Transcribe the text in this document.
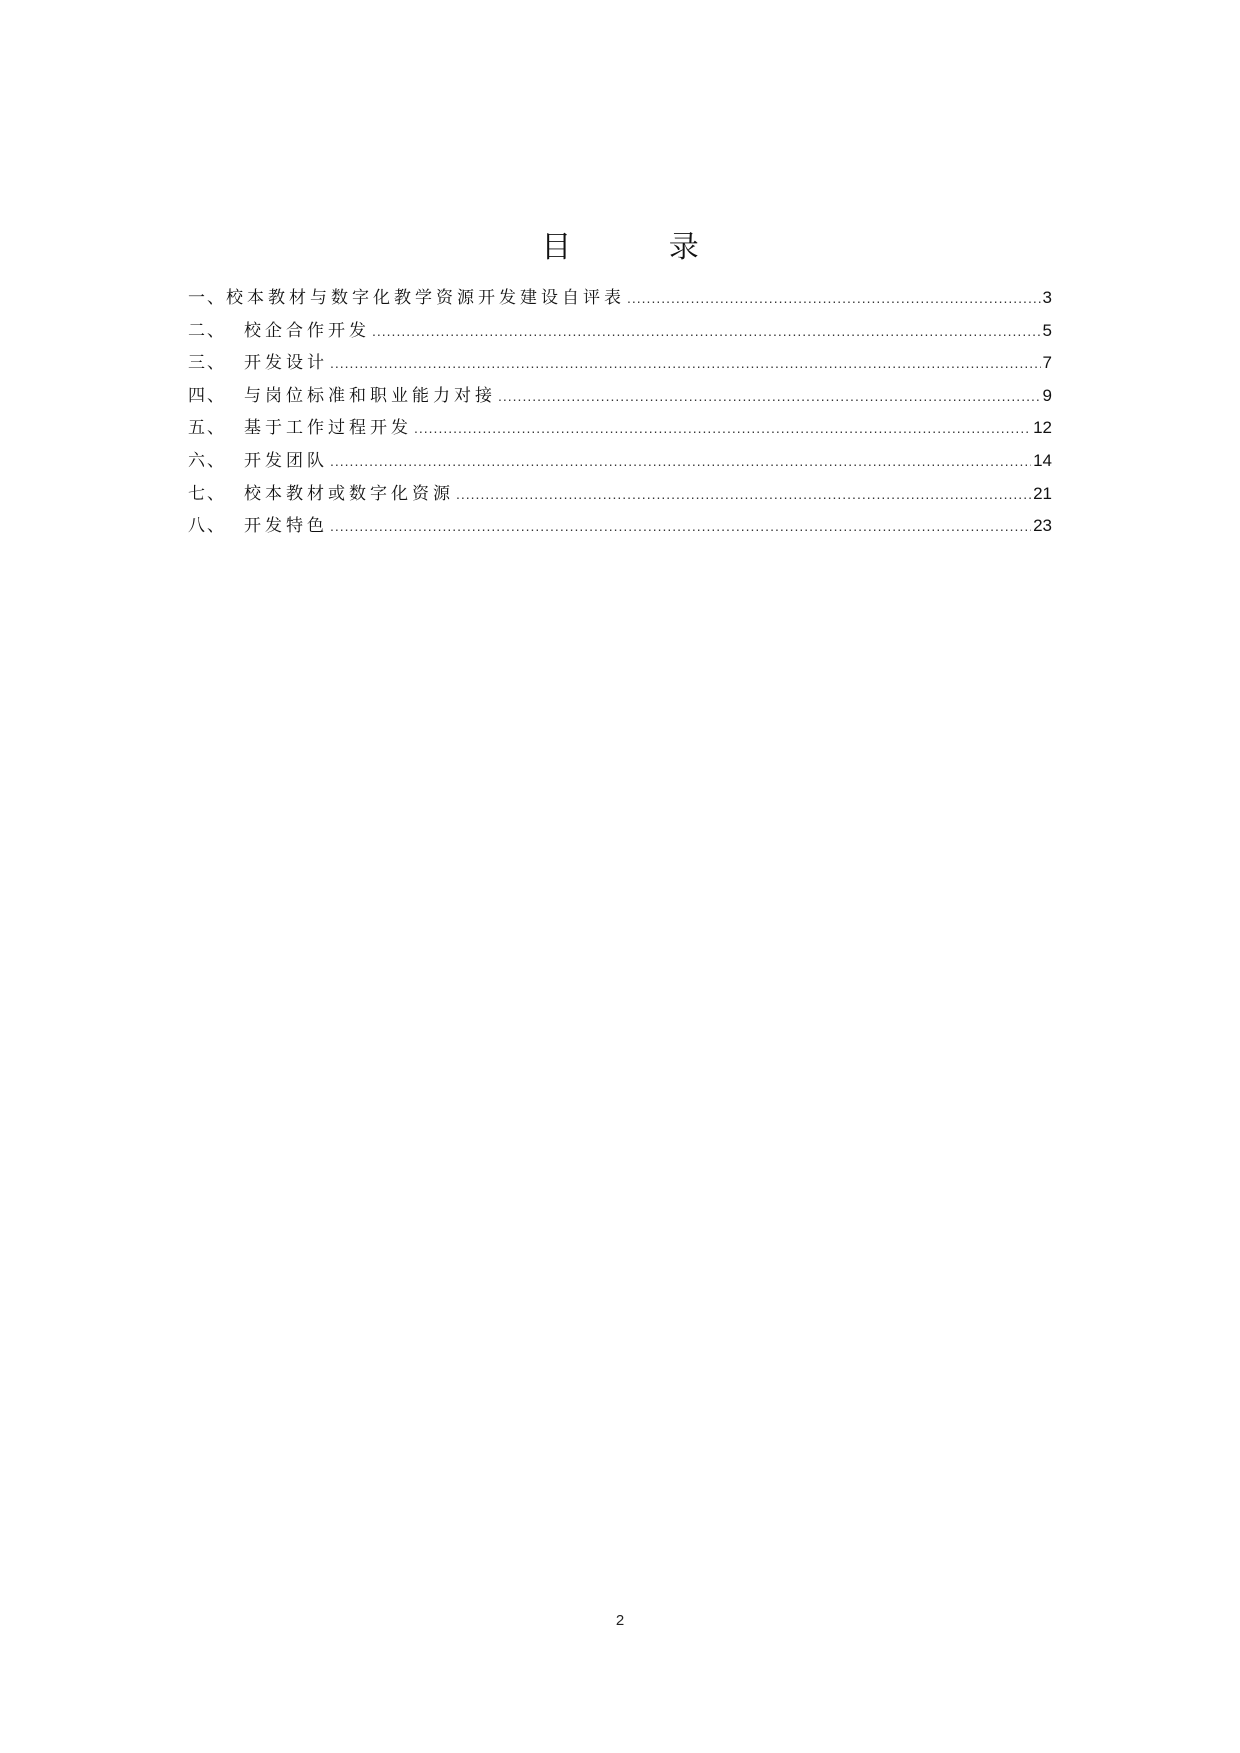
目 录
一、 校本教材与数字化教学资源开发建设自评表 .....	3
二、	校企合作开发 .....	5
三、	开发设计 .....	7
四、	与岗位标准和职业能力对接 .....	9
五、	基于工作过程开发 .....	12
六、	开发团队 .....	14
七、	校本教材或数字化资源 .....	21
八、	开发特色 .....	23
2
